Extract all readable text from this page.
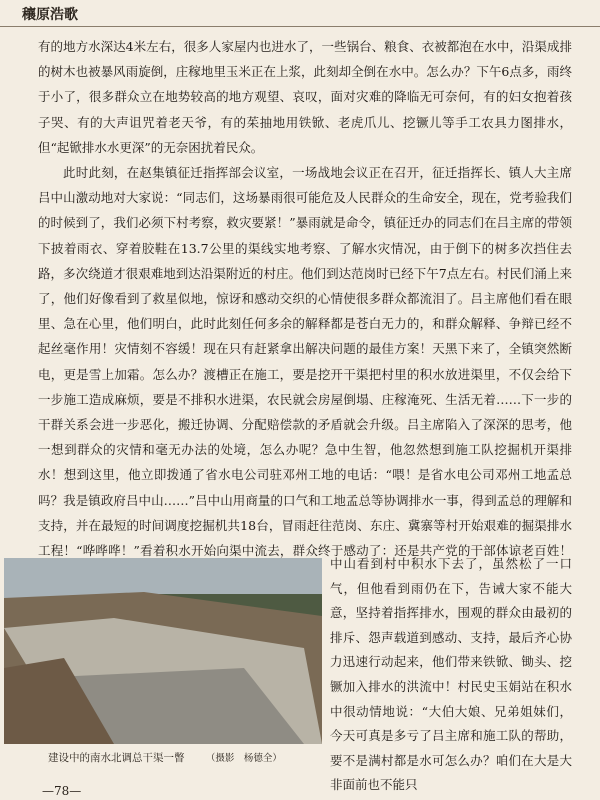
穰原浩歌

有的地方水深达4米左右，很多人家屋内也进水了，一些锅台、粮食、衣被都泡在水中，沿渠成排的树木也被暴风雨旋倒，庄稼地里玉米正在上浆，此刻却全倒在水中。怎么办？下午6点多，雨终于小了，很多群众立在地势较高的地方观望、哀叹，面对灾难的降临无可奈何，有的妇女抱着孩子哭、有的大声诅咒着老天爷，有的茱抽地用铁锨、老虎爪儿、挖镢儿等手工农具力图排水，但“起锨排水水更深”的无奈困扰着民众。

此时此刻，在赵集镇征迁指挥部会议室，一场战地会议正在召开，征迁指挥长、镇人大主席吕中山激动地对大家说：“同志们，这场暴雨很可能危及人民群众的生命安全，现在，党考验我们的时候到了，我们必须下村考察，救灾要紧！”暴雨就是命令，镇征迁办的同志们在吕主席的带领下披着雨衣、穿着胶鞋在13.7公里的渠线实地考察、了解水灾情况，由于倒下的树多次挡住去路，多次绕道才很艰难地到达沿渠附近的村庄。他们到达范岗时已经下午7点左右。村民们涌上来了，他们好像看到了救星似地，惊讶和感动交织的心情使很多群众都流泪了。吕主席他们看在眼里、急在心里，他们明白，此时此刻任何多余的解释都是苍白无力的，和群众解释、争辩已经不起丝毫作用！灾情刻不容缓！现在只有赶紧拿出解决问题的最佳方案！天黑下来了，全镇突然断电，更是雪上加霜。怎么办？渡槽正在施工，要是挖开干渠把村里的积水放进渠里，不仅会给下一步施工造成麻烦，要是不排积水进渠，农民就会房屋倒塌、庄稼淹死、生活无着……下一步的干群关系会进一步恶化，搬迁协调、分配赔偿款的矛盾就会升级。吕主席陷入了深深的思考，他一想到群众的灾情和毫无办法的处境，怎么办呢？急中生智，他忽然想到施工队挖掘机开渠排水！想到这里，他立即拨通了省水电公司驻邓州工地的电话：“喂！是省水电公司邓州工地孟总吗？我是镇政府吕中山……”吕中山用商量的口气和工地孟总等协调排水一事，得到孟总的理解和支持，并在最短的时间调度挖掘机共18台，冒雨赶往范岗、东庄、冀寨等村开始艰难的掘渠排水工程！“哗哗哗！”看着积水开始向渠中流去，群众终于感动了：还是共产党的干部体谅老百姓！

建设中的南水北调总干渠一瞥 （摄影　杨德全）
中山看到村中积水下去了，虽然松了一口气，但他看到雨仍在下，告诫大家不能大意，坚持着指挥排水，围观的群众由最初的排斥、怨声载道到感动、支持，最后齐心协力迅速行动起来，他们带来铁锨、锄头、挖镢加入排水的洪流中！村民史玉娟站在积水中很动情地说：“大伯大娘、兄弟姐妹们，今天可真是多亏了吕主席和施工队的帮助，要不是满村都是水可怎么办？咱们在大是大非面前也不能只
—78—
